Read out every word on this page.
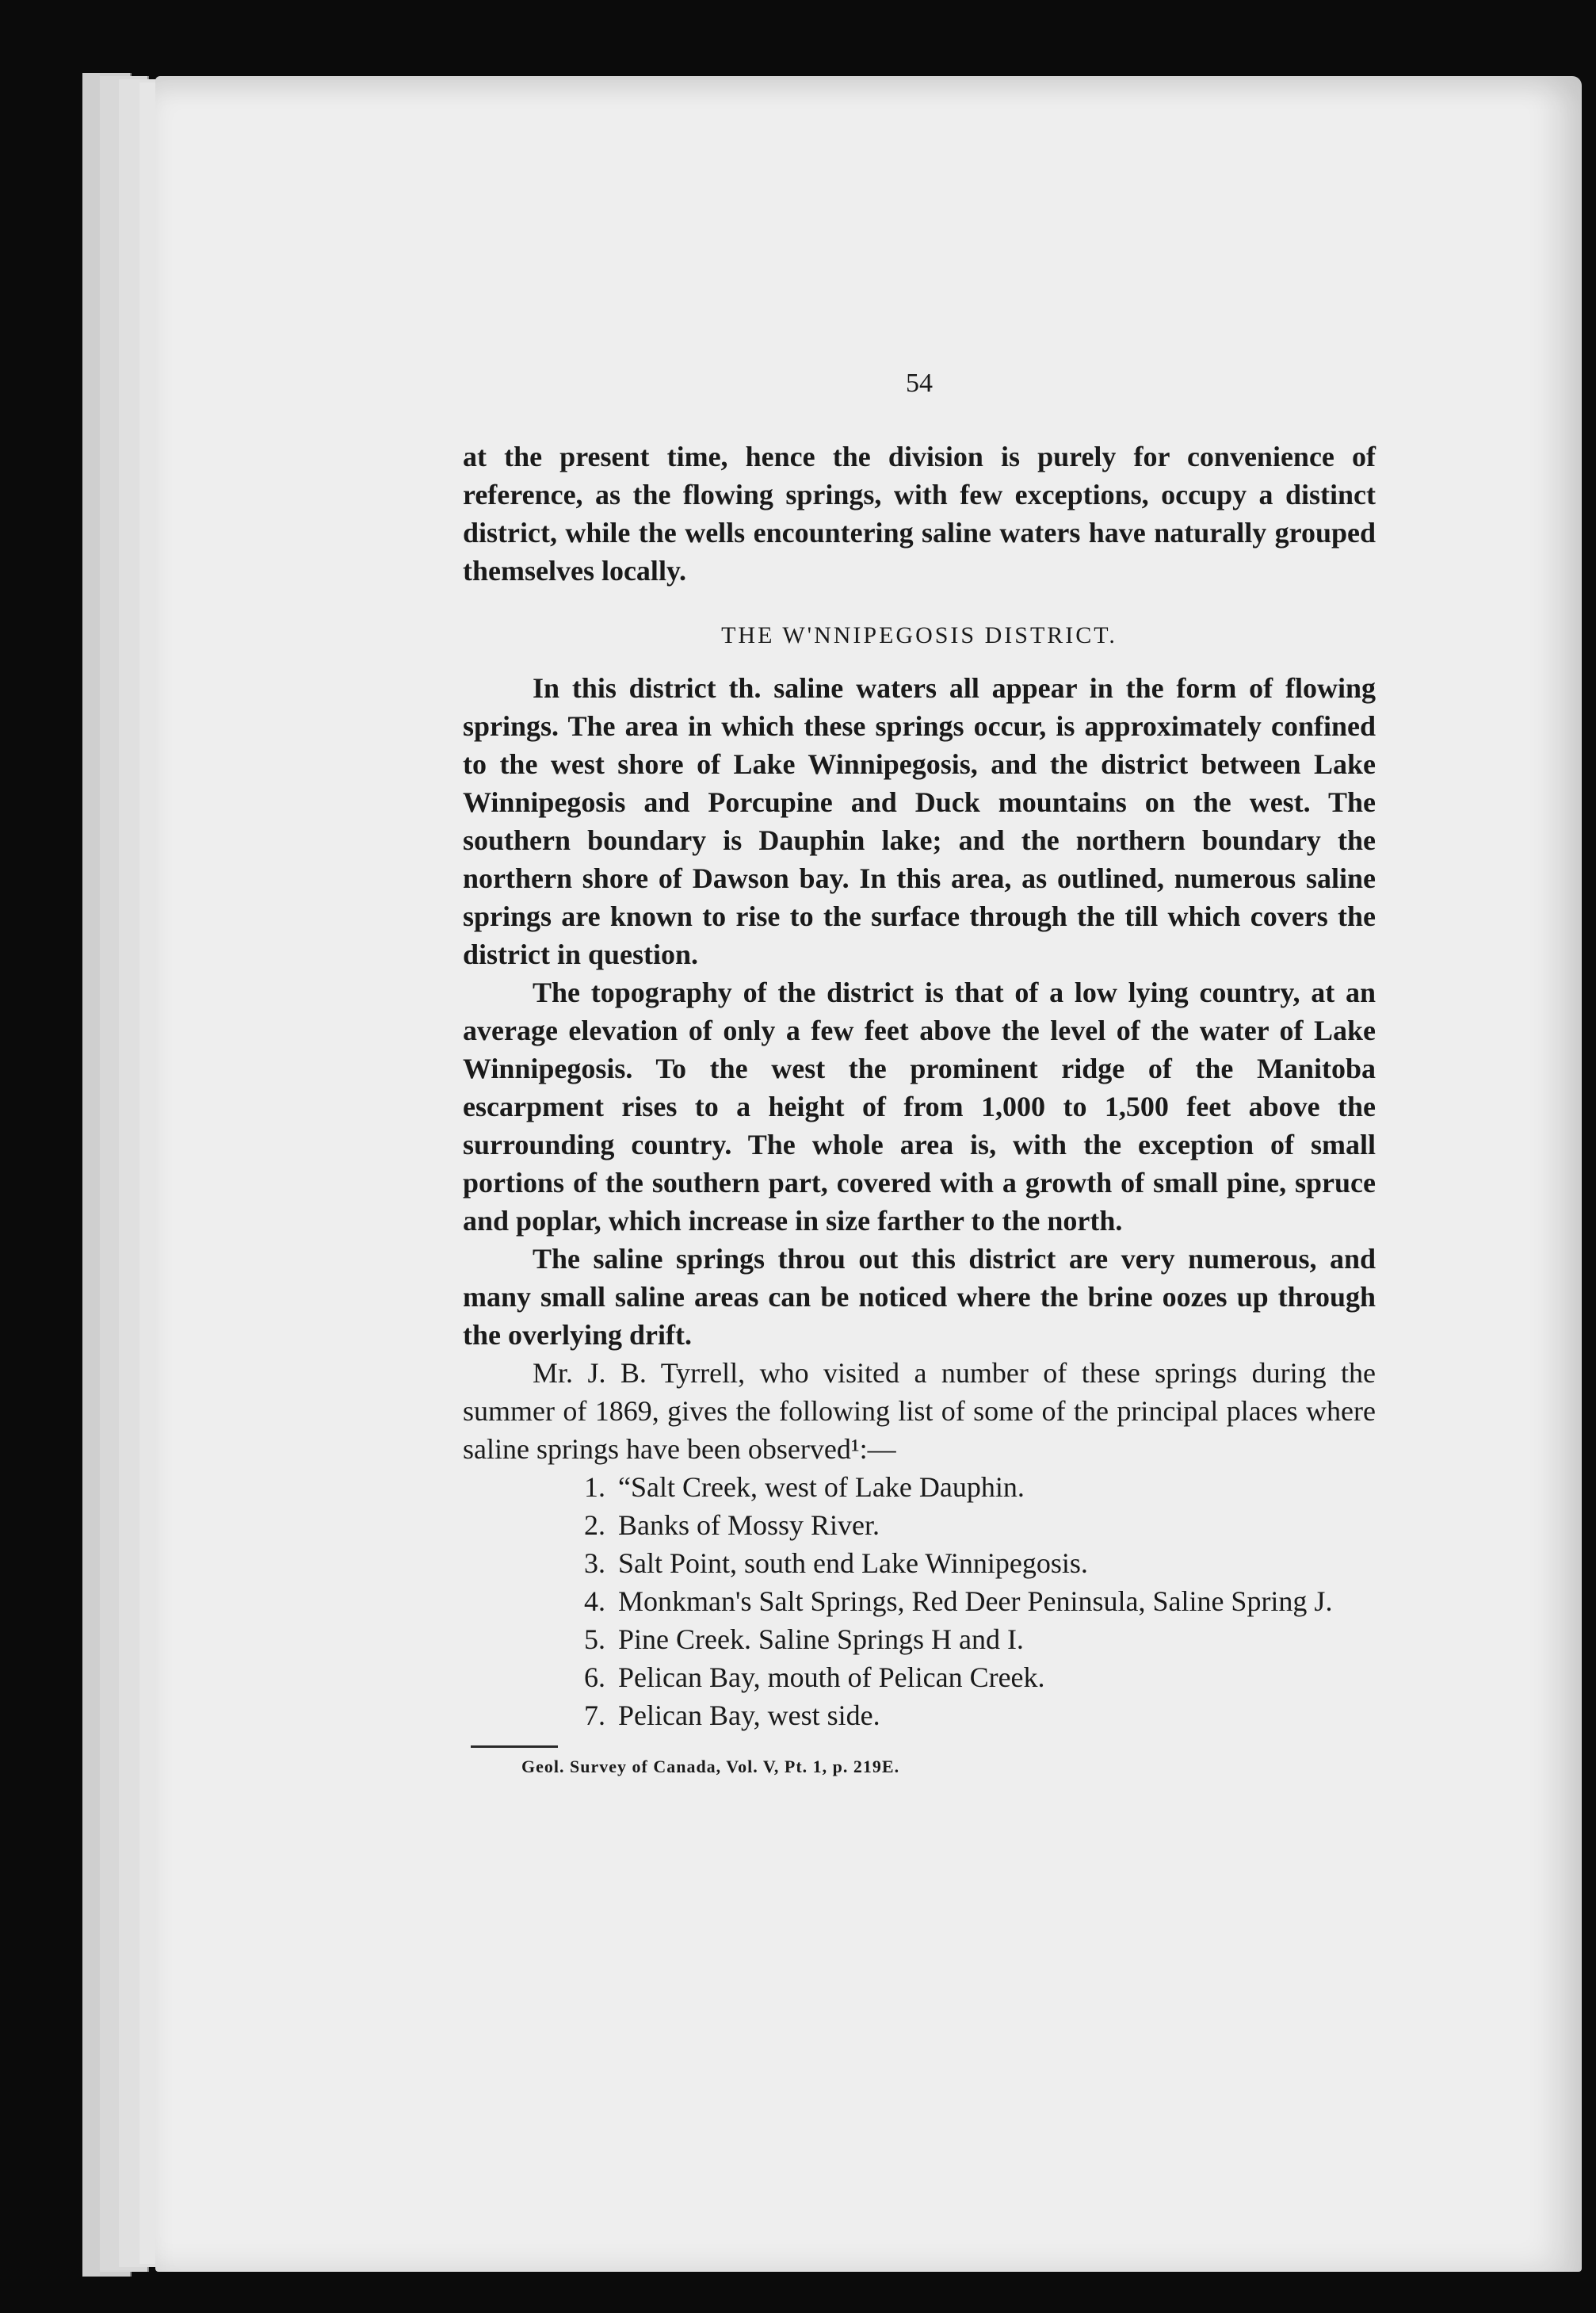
54

at the present time, hence the division is purely for convenience of reference, as the flowing springs, with few exceptions, occupy a distinct district, while the wells encountering saline waters have naturally grouped themselves locally.

THE W'NNIPEGOSIS DISTRICT.

In this district th. saline waters all appear in the form of flowing springs. The area in which these springs occur, is approximately confined to the west shore of Lake Winnipegosis, and the district between Lake Winnipegosis and Porcupine and Duck mountains on the west. The southern boundary is Dauphin lake; and the northern boundary the northern shore of Dawson bay. In this area, as outlined, numerous saline springs are known to rise to the surface through the till which covers the district in question.

The topography of the district is that of a low lying country, at an average elevation of only a few feet above the level of the water of Lake Winnipegosis. To the west the prominent ridge of the Manitoba escarpment rises to a height of from 1,000 to 1,500 feet above the surrounding country. The whole area is, with the exception of small portions of the southern part, covered with a growth of small pine, spruce and poplar, which increase in size farther to the north.

The saline springs throu out this district are very numerous, and many small saline areas can be noticed where the brine oozes up through the overlying drift.

Mr. J. B. Tyrrell, who visited a number of these springs during the summer of 1869, gives the following list of some of the principal places where saline springs have been observed¹:—

1. “Salt Creek, west of Lake Dauphin.
2. Banks of Mossy River.
3. Salt Point, south end Lake Winnipegosis.
4. Monkman's Salt Springs, Red Deer Peninsula, Saline Spring J.
5. Pine Creek. Saline Springs H and I.
6. Pelican Bay, mouth of Pelican Creek.
7. Pelican Bay, west side.
Geol. Survey of Canada, Vol. V, Pt. 1, p. 219E.
